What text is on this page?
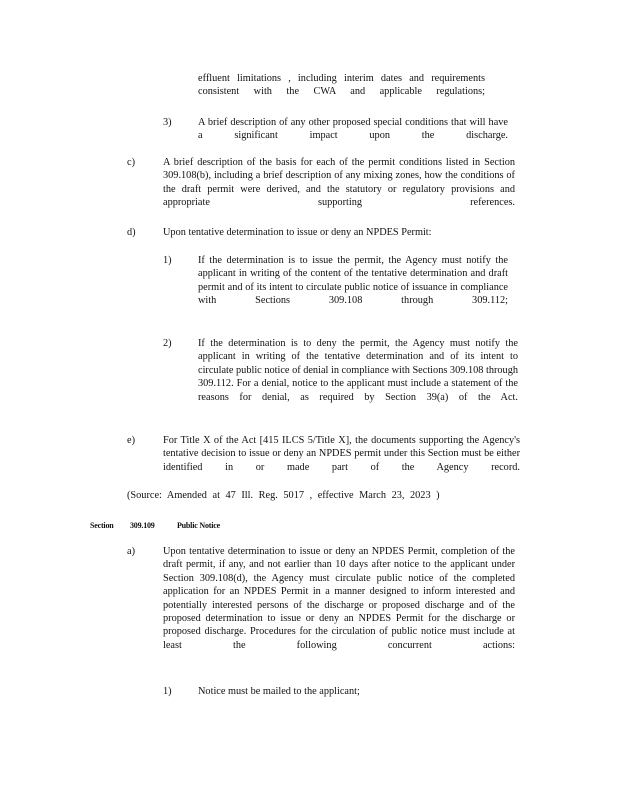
effluent limitations , including interim dates and requirements consistent with the CWA and applicable regulations;
3)	A brief description of any other proposed special conditions that will have a significant impact upon the discharge.
c)	A brief description of the basis for each of the permit conditions listed in Section 309.108(b), including a brief description of any mixing zones, how the conditions of the draft permit were derived, and the statutory or regulatory provisions and appropriate supporting references.
d)	Upon tentative determination to issue or deny an NPDES Permit:
1)	If the determination is to issue the permit, the Agency must notify the applicant in writing of the content of the tentative determination and draft permit and of its intent to circulate public notice of issuance in compliance with Sections 309.108 through 309.112;
2)	If the determination is to deny the permit, the Agency must notify the applicant in writing of the tentative determination and of its intent to circulate public notice of denial in compliance with Sections 309.108 through 309.112. For a denial, notice to the applicant must include a statement of the reasons for denial, as required by Section 39(a) of the Act.
e)	For Title X of the Act [415 ILCS 5/Title X], the documents supporting the Agency's tentative decision to issue or deny an NPDES permit under this Section must be either identified in or made part of the Agency record.
(Source: Amended at 47 Ill. Reg. 5017 , effective March 23, 2023 )
Section 309.109	Public Notice
a)	Upon tentative determination to issue or deny an NPDES Permit, completion of the draft permit, if any, and not earlier than 10 days after notice to the applicant under Section 309.108(d), the Agency must circulate public notice of the completed application for an NPDES Permit in a manner designed to inform interested and potentially interested persons of the discharge or proposed discharge and of the proposed determination to issue or deny an NPDES Permit for the discharge or proposed discharge. Procedures for the circulation of public notice must include at least the following concurrent actions:
1)	Notice must be mailed to the applicant;
